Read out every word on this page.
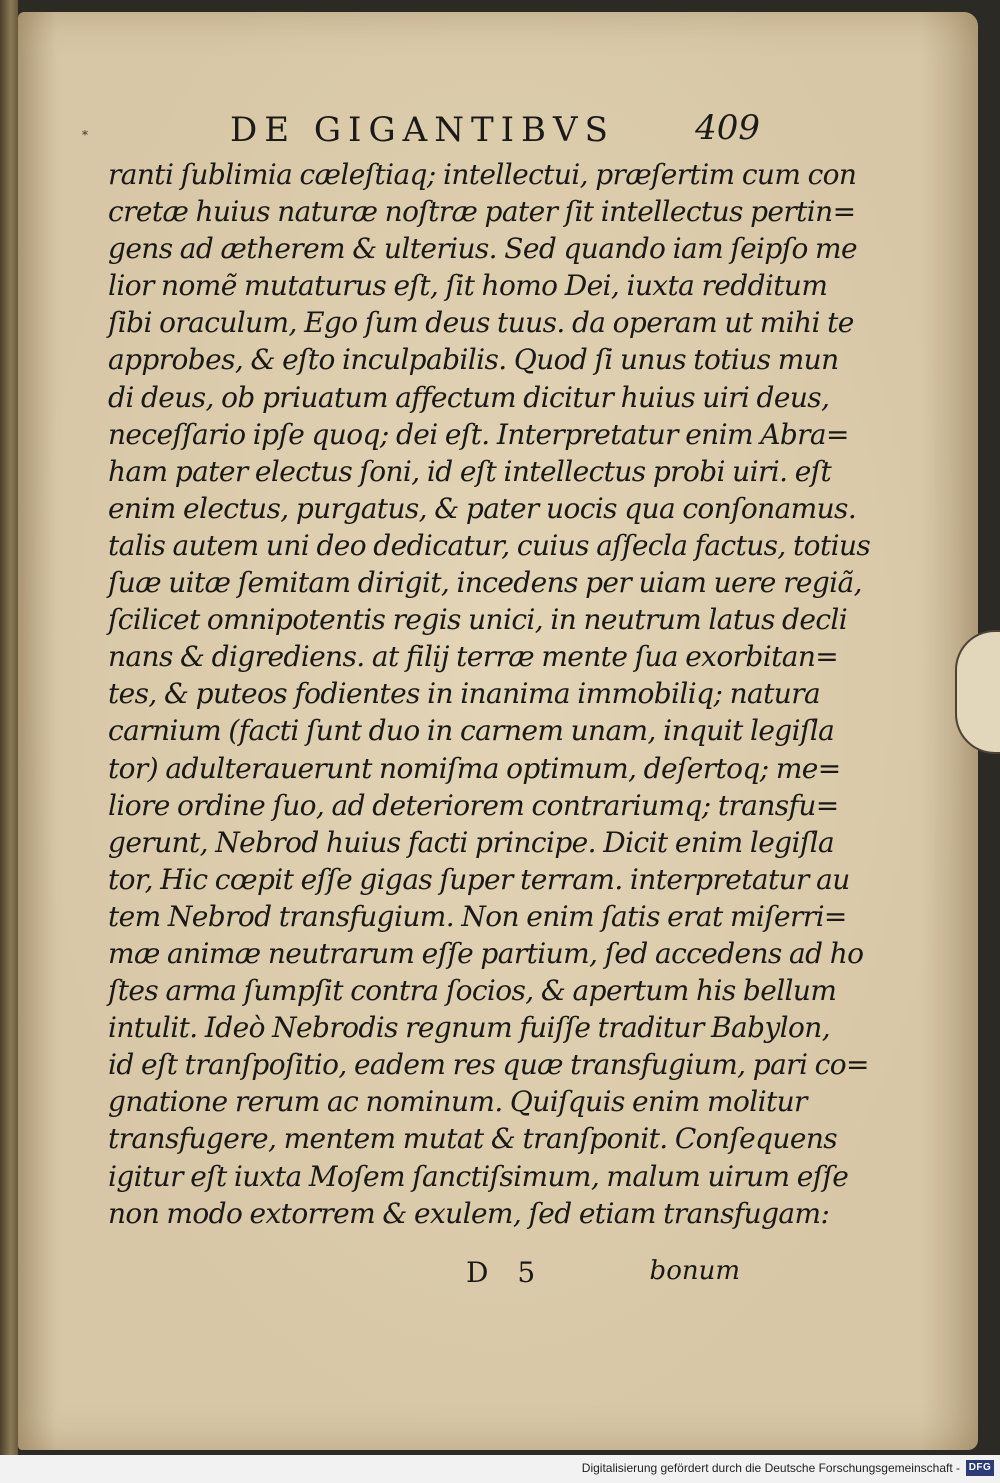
*	DE GIGANTIBVS 409
ranti ſublimia cæleſtiaq; intellectui, præſertim cum con
cretæ huius naturæ noſtræ pater ſit intellectus pertin=
gens ad ætherem & ulterius. Sed quando iam ſeipſo me
lior nomẽ mutaturus eſt, ſit homo Dei, iuxta redditum
ſibi oraculum, Ego ſum deus tuus. da operam ut mihi te
approbes, & eſto inculpabilis. Quod ſi unus totius mun
di deus, ob priuatum affectum dicitur huius uiri deus,
neceſſario ipſe quoq; dei eſt. Interpretatur enim Abra=
ham pater electus ſoni, id eſt intellectus probi uiri. eſt
enim electus, purgatus, & pater uocis qua conſonamus.
talis autem uni deo dedicatur, cuius aſſecla factus, totius
ſuæ uitæ ſemitam dirigit, incedens per uiam uere regiã,
ſcilicet omnipotentis regis unici, in neutrum latus decli
nans & digrediens. at filij terræ mente ſua exorbitan=
tes, & puteos fodientes in inanima immobiliq; natura
carnium (facti ſunt duo in carnem unam, inquit legiſla
tor) adulterauerunt nomiſma optimum, deſertoq; me=
liore ordine ſuo, ad deteriorem contrariumq; transfu=
gerunt, Nebrod huius facti principe. Dicit enim legiſla
tor, Hic cœpit eſſe gigas ſuper terram. interpretatur au
tem Nebrod transfugium. Non enim ſatis erat miſerri=
mæ animæ neutrarum eſſe partium, ſed accedens ad ho
ſtes arma ſumpſit contra ſocios, & apertum his bellum
intulit. Ideò Nebrodis regnum fuiſſe traditur Babylon,
id eſt tranſpoſitio, eadem res quæ transfugium, pari co=
gnatione rerum ac nominum. Quiſquis enim molitur
transfugere, mentem mutat & tranſponit. Conſequens
igitur eſt iuxta Moſem ſanctiſsimum, malum uirum eſſe
non modo extorrem & exulem, ſed etiam transfugam:
D 5	bonum
Digitalisierung gefördert durch die Deutsche Forschungsgemeinschaft - DFG
